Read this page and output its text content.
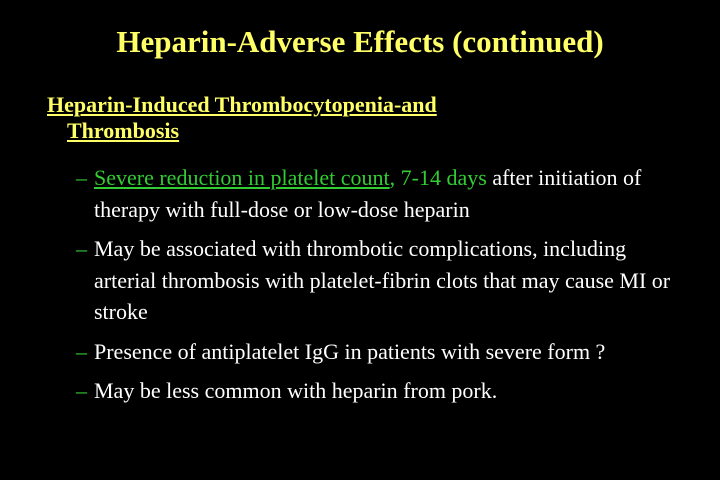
Heparin-Adverse Effects (continued)
Heparin-Induced Thrombocytopenia-and
Thrombosis
– Severe reduction in platelet count, 7-14 days after initiation of therapy with full-dose or low-dose heparin
– May be associated with thrombotic complications, including arterial thrombosis with platelet-fibrin clots that may cause MI or stroke
– Presence of antiplatelet IgG in patients with severe form ?
– May be less common with heparin from pork.
